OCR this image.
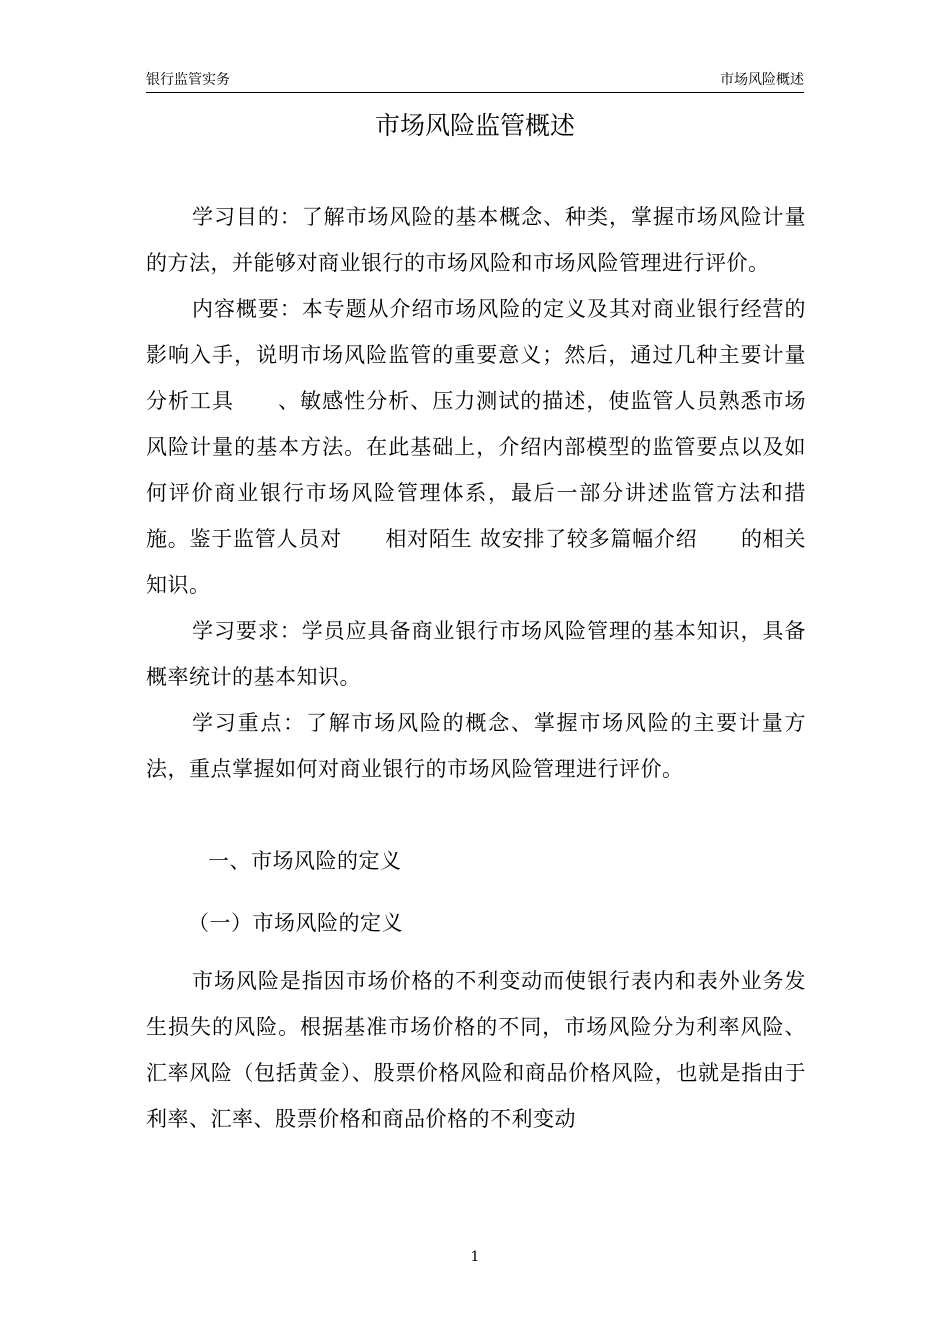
银行监管实务	市场风险概述
市场风险监管概述

学习目的：了解市场风险的基本概念、种类，掌握市场风险计量的方法，并能够对商业银行的市场风险和市场风险管理进行评价。

内容概要：本专题从介绍市场风险的定义及其对商业银行经营的影响入手，说明市场风险监管的重要意义；然后，通过几种主要计量分析工具　　、敏感性分析、压力测试的描述，使监管人员熟悉市场风险计量的基本方法。在此基础上，介绍内部模型的监管要点以及如何评价商业银行市场风险管理体系，最后一部分讲述监管方法和措施。鉴于监管人员对　　相对陌生 故安排了较多篇幅介绍　　的相关知识。

学习要求：学员应具备商业银行市场风险管理的基本知识，具备概率统计的基本知识。

学习重点：了解市场风险的概念、掌握市场风险的主要计量方法，重点掌握如何对商业银行的市场风险管理进行评价。

一、市场风险的定义

（一）市场风险的定义

市场风险是指因市场价格的不利变动而使银行表内和表外业务发生损失的风险。根据基准市场价格的不同，市场风险分为利率风险、汇率风险（包括黄金）、股票价格风险和商品价格风险，也就是指由于利率、汇率、股票价格和商品价格的不利变动

1
